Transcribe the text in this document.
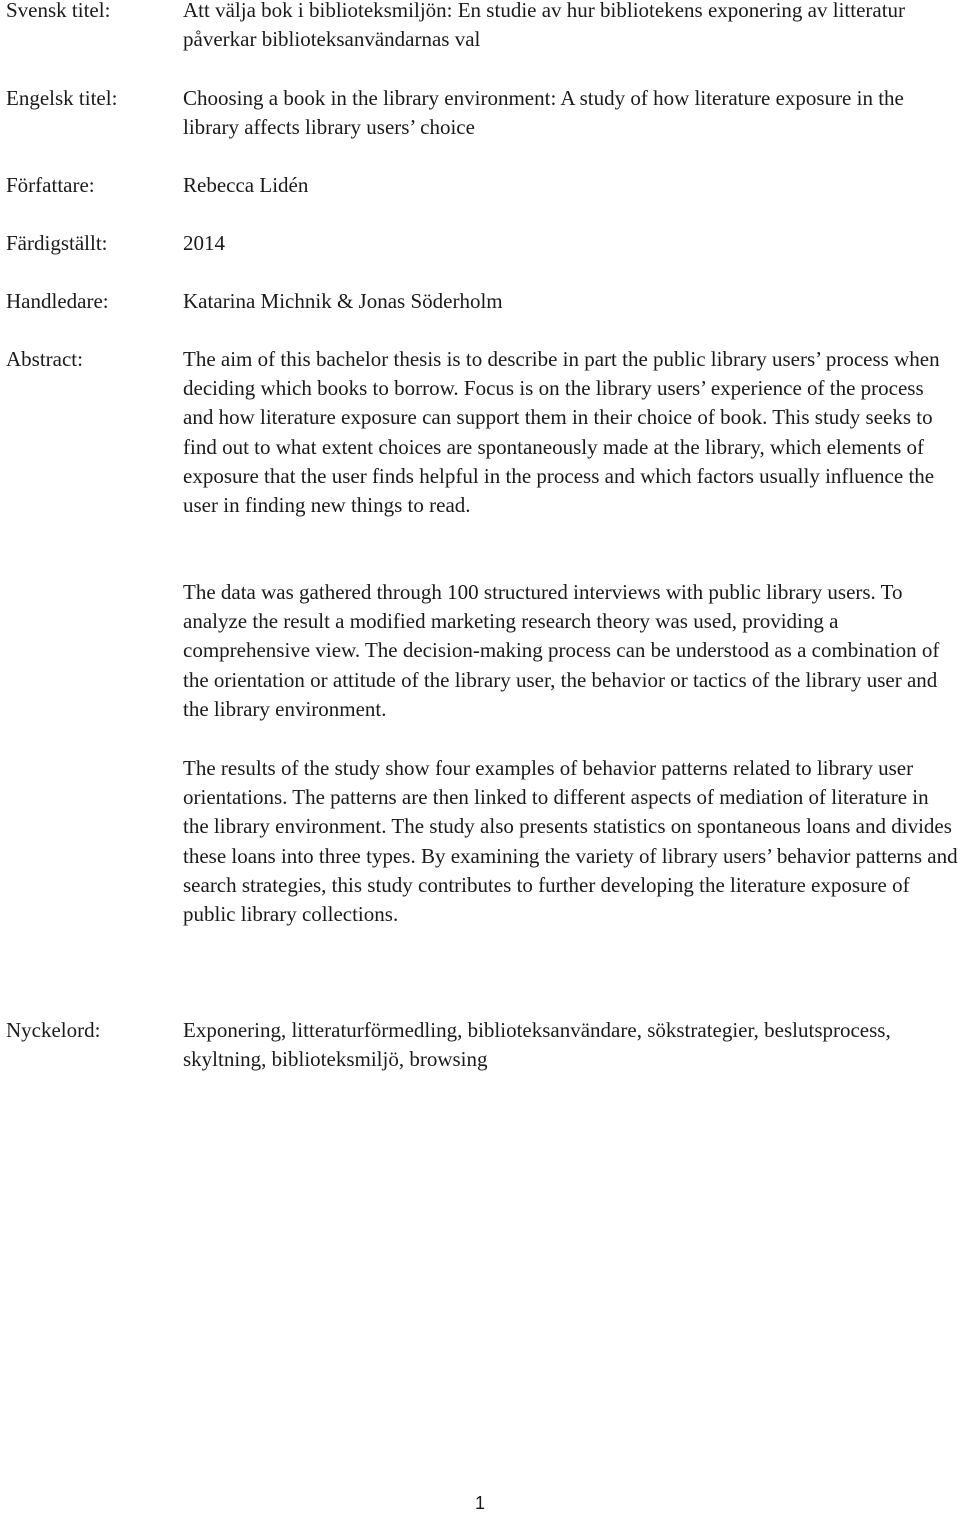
Svensk titel:	Att välja bok i biblioteksmiljön: En studie av hur bibliotekens exponering av litteratur påverkar biblioteksanvändarnas val
Engelsk titel:	Choosing a book in the library environment: A study of how literature exposure in the library affects library users’ choice
Författare:	Rebecca Lidén
Färdigställt:	2014
Handledare:	Katarina Michnik & Jonas Söderholm
Abstract:	The aim of this bachelor thesis is to describe in part the public library users’ process when deciding which books to borrow. Focus is on the library users’ experience of the process and how literature exposure can support them in their choice of book. This study seeks to find out to what extent choices are spontaneously made at the library, which elements of exposure that the user finds helpful in the process and which factors usually influence the user in finding new things to read.
The data was gathered through 100 structured interviews with public library users. To analyze the result a modified marketing research theory was used, providing a comprehensive view. The decision-making process can be understood as a combination of the orientation or attitude of the library user, the behavior or tactics of the library user and the library environment.
The results of the study show four examples of behavior patterns related to library user orientations. The patterns are then linked to different aspects of mediation of literature in the library environment. The study also presents statistics on spontaneous loans and divides these loans into three types. By examining the variety of library users’ behavior patterns and search strategies, this study contributes to further developing the literature exposure of public library collections.
Nyckelord:	Exponering, litteraturförmedling, biblioteksanvändare, sökstrategier, beslutsprocess, skyltning, biblioteksmiljö, browsing
1
